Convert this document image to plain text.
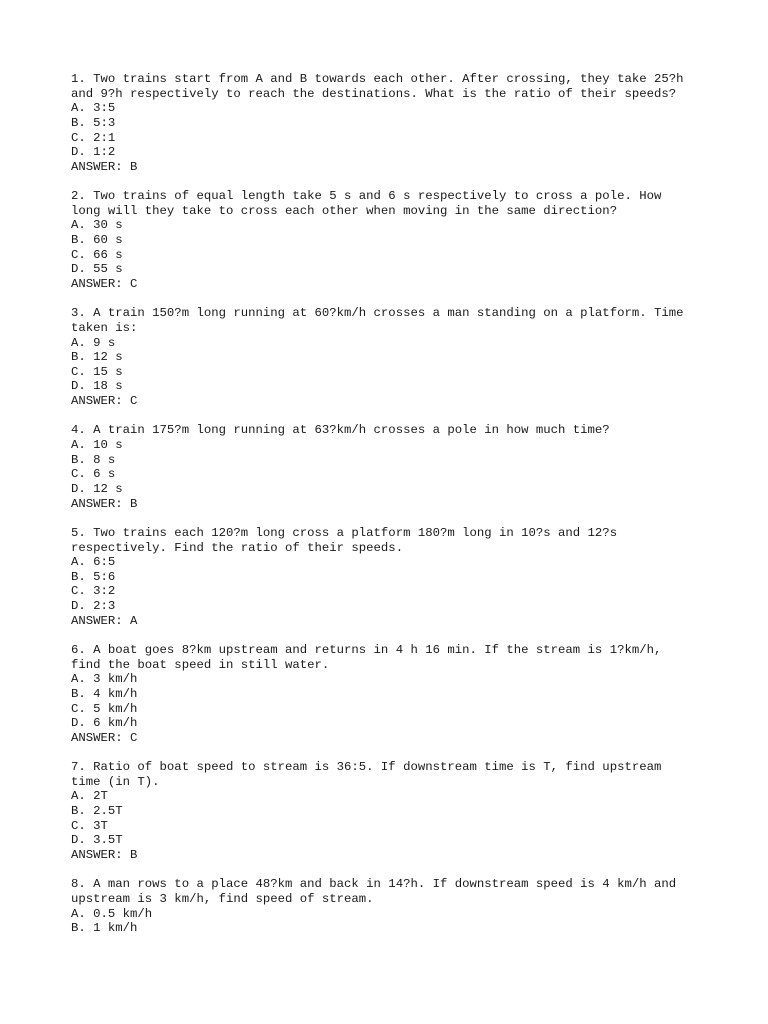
1. Two trains start from A and B towards each other. After crossing, they take 25?h
and 9?h respectively to reach the destinations. What is the ratio of their speeds?
A. 3:5
B. 5:3
C. 2:1
D. 1:2
ANSWER: B
2. Two trains of equal length take 5 s and 6 s respectively to cross a pole. How
long will they take to cross each other when moving in the same direction?
A. 30 s
B. 60 s
C. 66 s
D. 55 s
ANSWER: C
3. A train 150?m long running at 60?km/h crosses a man standing on a platform. Time
taken is:
A. 9 s
B. 12 s
C. 15 s
D. 18 s
ANSWER: C
4. A train 175?m long running at 63?km/h crosses a pole in how much time?
A. 10 s
B. 8 s
C. 6 s
D. 12 s
ANSWER: B
5. Two trains each 120?m long cross a platform 180?m long in 10?s and 12?s
respectively. Find the ratio of their speeds.
A. 6:5
B. 5:6
C. 3:2
D. 2:3
ANSWER: A
6. A boat goes 8?km upstream and returns in 4 h 16 min. If the stream is 1?km/h,
find the boat speed in still water.
A. 3 km/h
B. 4 km/h
C. 5 km/h
D. 6 km/h
ANSWER: C
7. Ratio of boat speed to stream is 36:5. If downstream time is T, find upstream
time (in T).
A. 2T
B. 2.5T
C. 3T
D. 3.5T
ANSWER: B
8. A man rows to a place 48?km and back in 14?h. If downstream speed is 4 km/h and
upstream is 3 km/h, find speed of stream.
A. 0.5 km/h
B. 1 km/h
